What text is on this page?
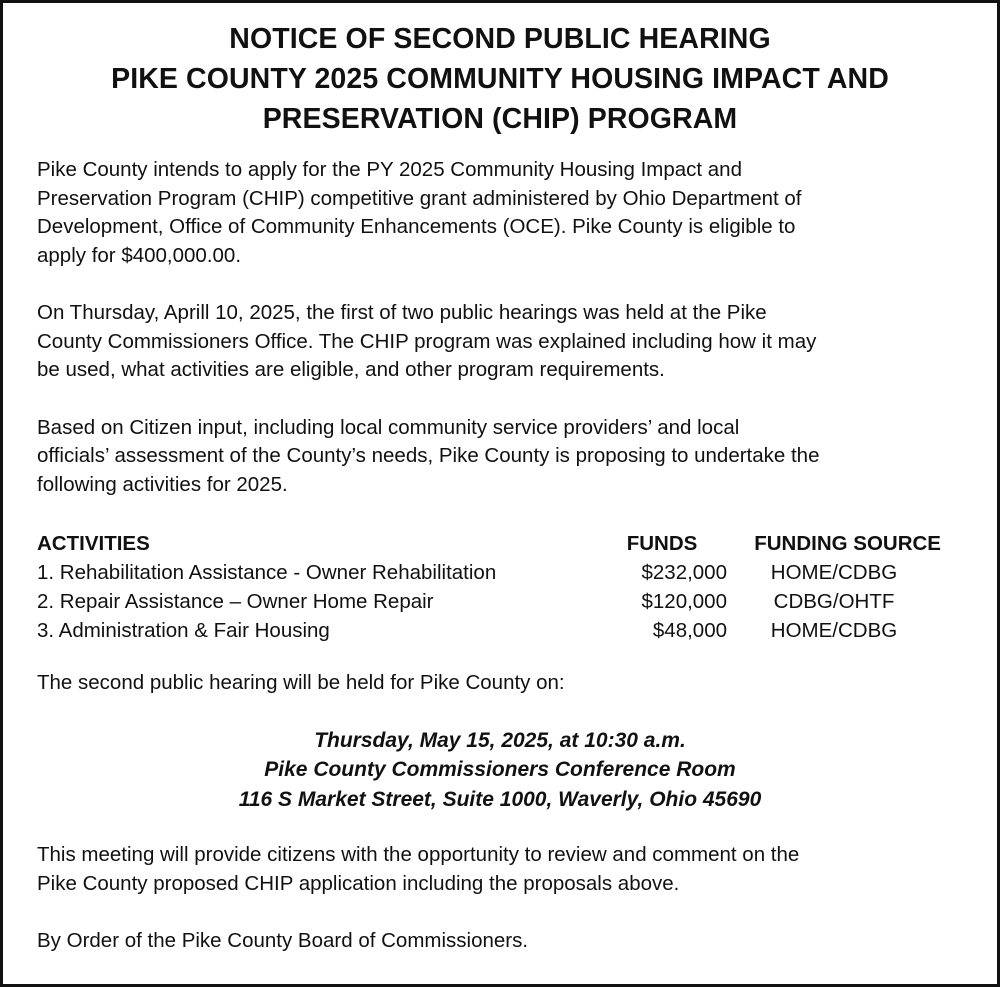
NOTICE OF SECOND PUBLIC HEARING
PIKE COUNTY 2025 COMMUNITY HOUSING IMPACT AND
PRESERVATION (CHIP) PROGRAM

Pike County intends to apply for the PY 2025 Community Housing Impact and
Preservation Program (CHIP) competitive grant administered by Ohio Department of
Development, Office of Community Enhancements (OCE). Pike County is eligible to
apply for $400,000.00.

On Thursday, Aprill 10, 2025, the first of two public hearings was held at the Pike
County Commissioners Office. The CHIP program was explained including how it may
be used, what activities are eligible, and other program requirements.

Based on Citizen input, including local community service providers’ and local
officials’ assessment of the County’s needs, Pike County is proposing to undertake the
following activities for 2025.

ACTIVITIES	FUNDS	FUNDING SOURCE
1. Rehabilitation Assistance - Owner Rehabilitation	$232,000	HOME/CDBG
2. Repair Assistance – Owner Home Repair	$120,000	CDBG/OHTF
3. Administration & Fair Housing	$48,000	HOME/CDBG

The second public hearing will be held for Pike County on:

Thursday, May 15, 2025, at 10:30 a.m.
Pike County Commissioners Conference Room
116 S Market Street, Suite 1000, Waverly, Ohio 45690

This meeting will provide citizens with the opportunity to review and comment on the
Pike County proposed CHIP application including the proposals above.

By Order of the Pike County Board of Commissioners.
